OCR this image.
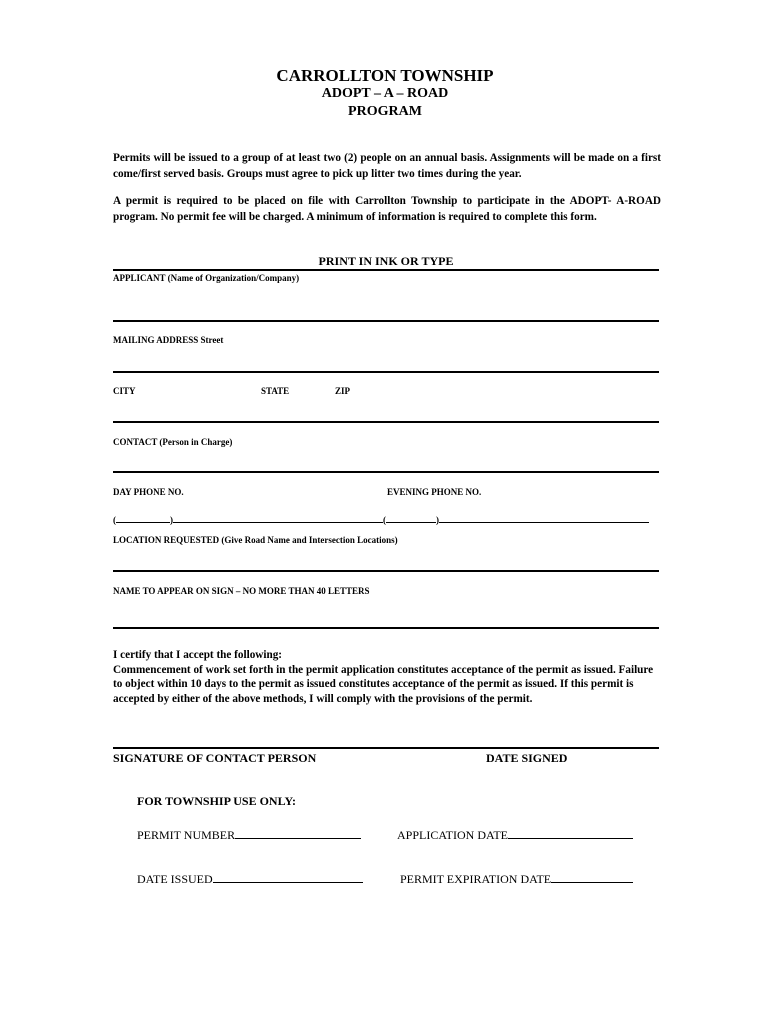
CARROLLTON TOWNSHIP
ADOPT – A – ROAD
PROGRAM
Permits will be issued to a group of at least two (2) people on an annual basis. Assignments will be made on a first come/first served basis. Groups must agree to pick up litter two times during the year.
A permit is required to be placed on file with Carrollton Township to participate in the ADOPT- A-ROAD program. No permit fee will be charged. A minimum of information is required to complete this form.
PRINT IN INK OR TYPE
APPLICANT (Name of Organization/Company)
MAILING ADDRESS Street
CITY	STATE	ZIP
CONTACT (Person in Charge)
DAY PHONE NO.	EVENING PHONE NO.
(	)	(	)
LOCATION REQUESTED (Give Road Name and Intersection Locations)
NAME TO APPEAR ON SIGN – NO MORE THAN 40 LETTERS
I certify that I accept the following:
Commencement of work set forth in the permit application constitutes acceptance of the permit as issued. Failure to object within 10 days to the permit as issued constitutes acceptance of the permit as issued. If this permit is accepted by either of the above methods, I will comply with the provisions of the permit.
SIGNATURE OF CONTACT PERSON	DATE SIGNED
FOR TOWNSHIP USE ONLY:
PERMIT NUMBER	APPLICATION DATE
DATE ISSUED	PERMIT EXPIRATION DATE
